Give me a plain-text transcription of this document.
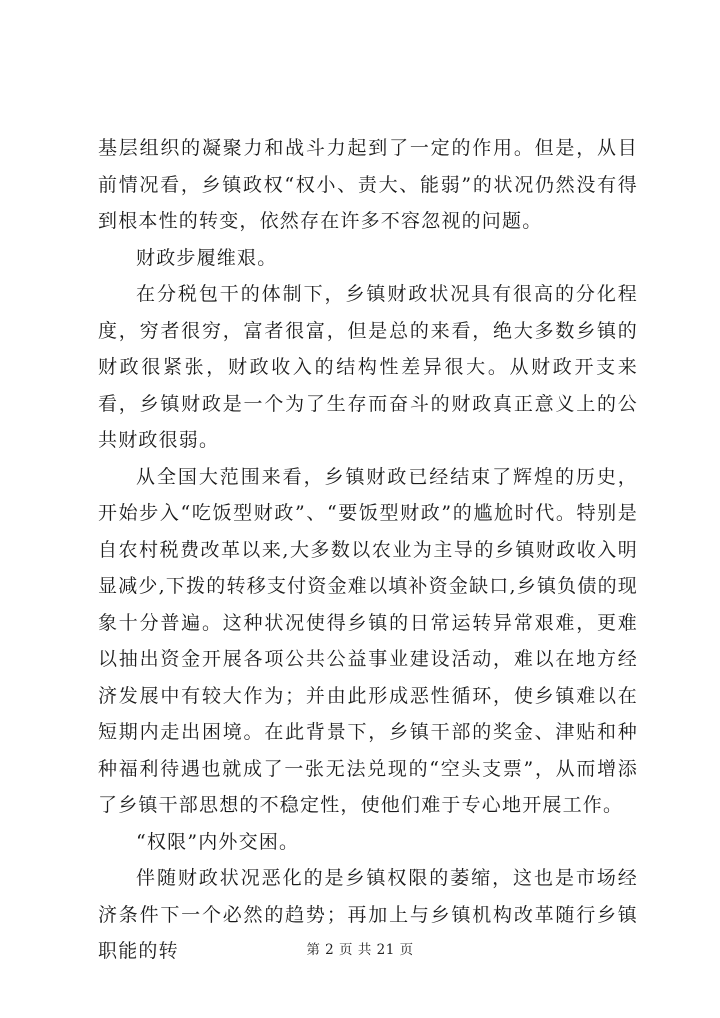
基层组织的凝聚力和战斗力起到了一定的作用。但是，从目前情况看，乡镇政权“权小、责大、能弱”的状况仍然没有得到根本性的转变，依然存在许多不容忽视的问题。

财政步履维艰。

在分税包干的体制下，乡镇财政状况具有很高的分化程度，穷者很穷，富者很富，但是总的来看，绝大多数乡镇的财政很紧张，财政收入的结构性差异很大。从财政开支来看，乡镇财政是一个为了生存而奋斗的财政真正意义上的公共财政很弱。

从全国大范围来看，乡镇财政已经结束了辉煌的历史，开始步入“吃饭型财政”、“要饭型财政”的尴尬时代。特别是自农村税费改革以来,大多数以农业为主导的乡镇财政收入明显减少,下拨的转移支付资金难以填补资金缺口,乡镇负债的现象十分普遍。这种状况使得乡镇的日常运转异常艰难，更难以抽出资金开展各项公共公益事业建设活动，难以在地方经济发展中有较大作为；并由此形成恶性循环，使乡镇难以在短期内走出困境。在此背景下，乡镇干部的奖金、津贴和种种福利待遇也就成了一张无法兑现的“空头支票”，从而增添了乡镇干部思想的不稳定性，使他们难于专心地开展工作。

“权限”内外交困。

伴随财政状况恶化的是乡镇权限的萎缩，这也是市场经济条件下一个必然的趋势；再加上与乡镇机构改革随行乡镇职能的转	第 2 页 共 21 页
